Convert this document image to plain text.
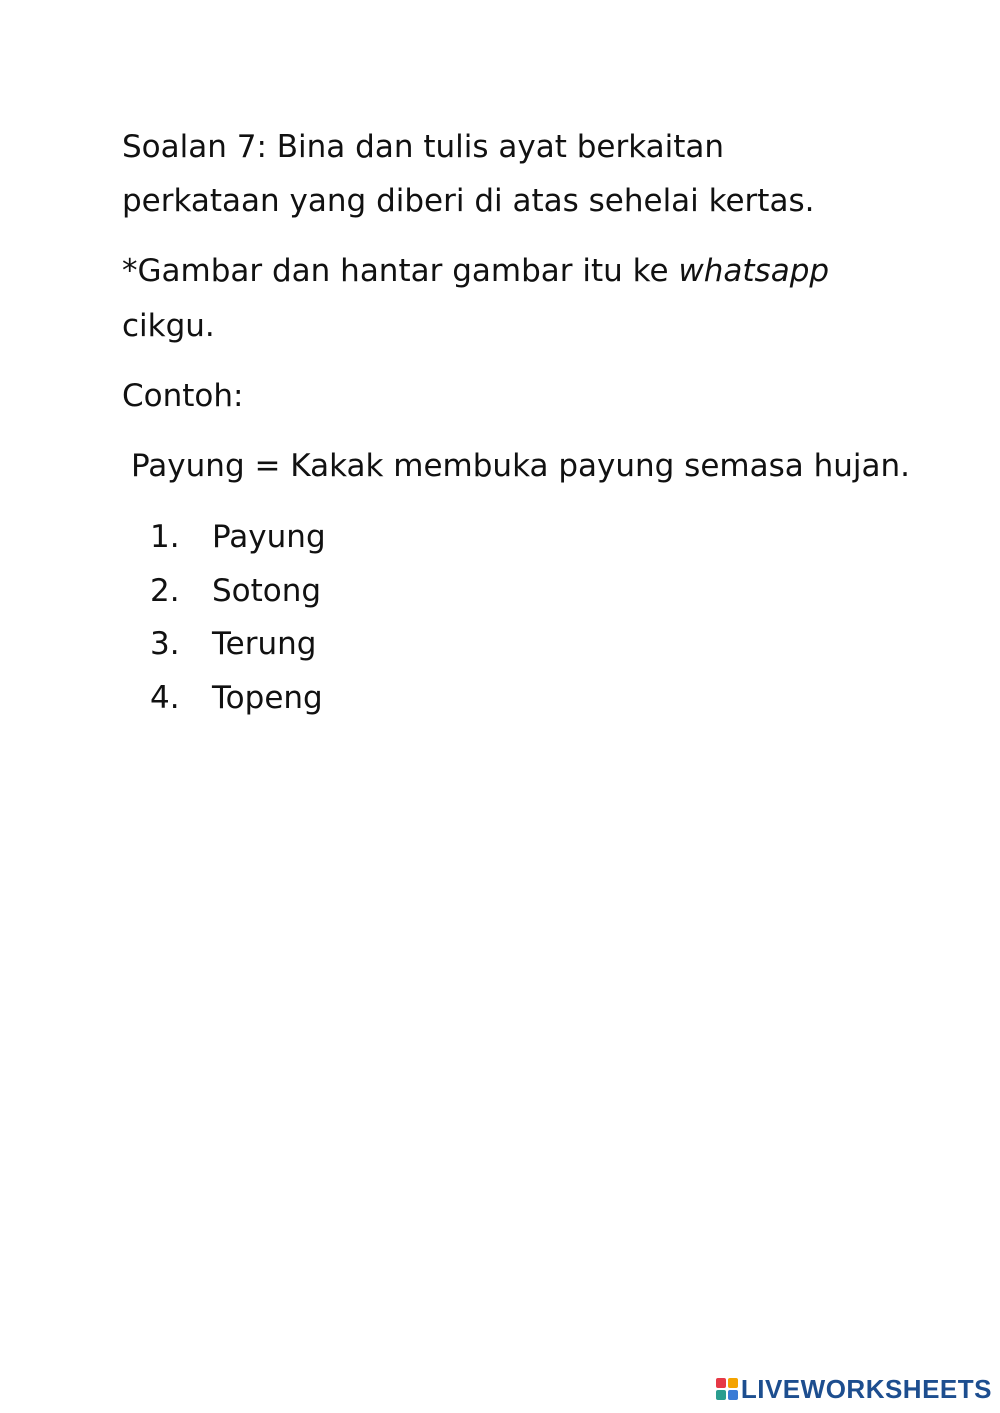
Soalan 7: Bina dan tulis ayat berkaitan
perkataan yang diberi di atas sehelai kertas.
*Gambar dan hantar gambar itu ke whatsapp
cikgu.
Contoh:
Payung = Kakak membuka payung semasa hujan.
1. Payung
2. Sotong
3. Terung
4. Topeng
LIVEWORKSHEETS
